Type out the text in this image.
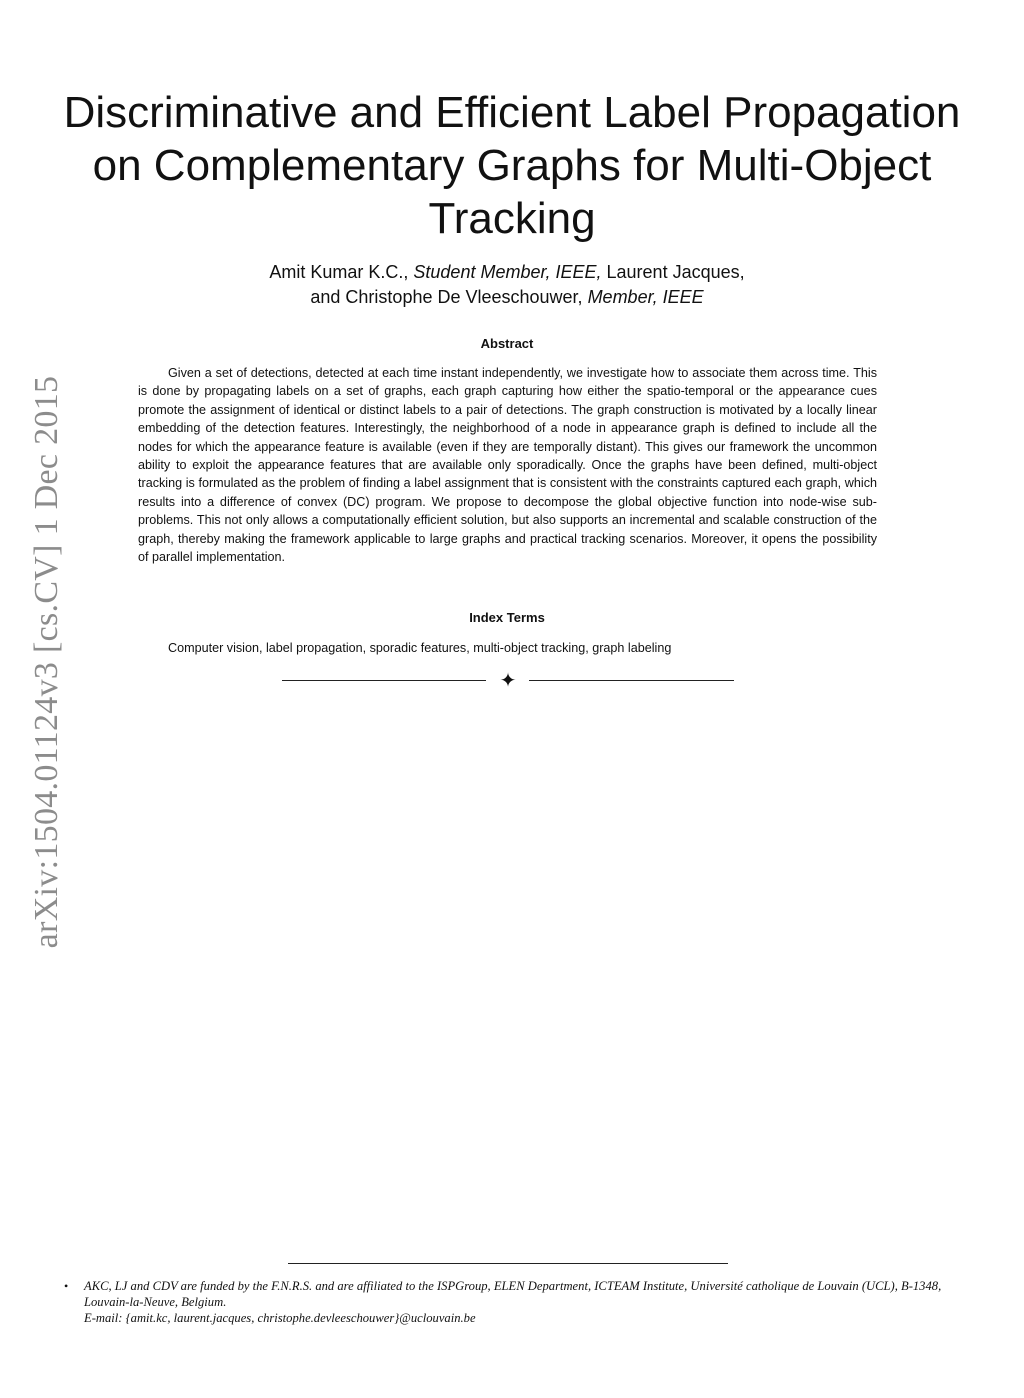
arXiv:1504.01124v3 [cs.CV] 1 Dec 2015
Discriminative and Efficient Label Propagation on Complementary Graphs for Multi-Object Tracking
Amit Kumar K.C., Student Member, IEEE, Laurent Jacques,
and Christophe De Vleeschouwer, Member, IEEE
Abstract

Given a set of detections, detected at each time instant independently, we investigate how to associate them across time. This is done by propagating labels on a set of graphs, each graph capturing how either the spatio-temporal or the appearance cues promote the assignment of identical or distinct labels to a pair of detections. The graph construction is motivated by a locally linear embedding of the detection features. Interestingly, the neighborhood of a node in appearance graph is defined to include all the nodes for which the appearance feature is available (even if they are temporally distant). This gives our framework the uncommon ability to exploit the appearance features that are available only sporadically. Once the graphs have been defined, multi-object tracking is formulated as the problem of finding a label assignment that is consistent with the constraints captured each graph, which results into a difference of convex (DC) program. We propose to decompose the global objective function into node-wise sub-problems. This not only allows a computationally efficient solution, but also supports an incremental and scalable construction of the graph, thereby making the framework applicable to large graphs and practical tracking scenarios. Moreover, it opens the possibility of parallel implementation.

Index Terms
Computer vision, label propagation, sporadic features, multi-object tracking, graph labeling
✦
• AKC, LJ and CDV are funded by the F.N.R.S. and are affiliated to the ISPGroup, ELEN Department, ICTEAM Institute, Université catholique de Louvain (UCL), B-1348, Louvain-la-Neuve, Belgium.
E-mail: {amit.kc, laurent.jacques, christophe.devleeschouwer}@uclouvain.be
